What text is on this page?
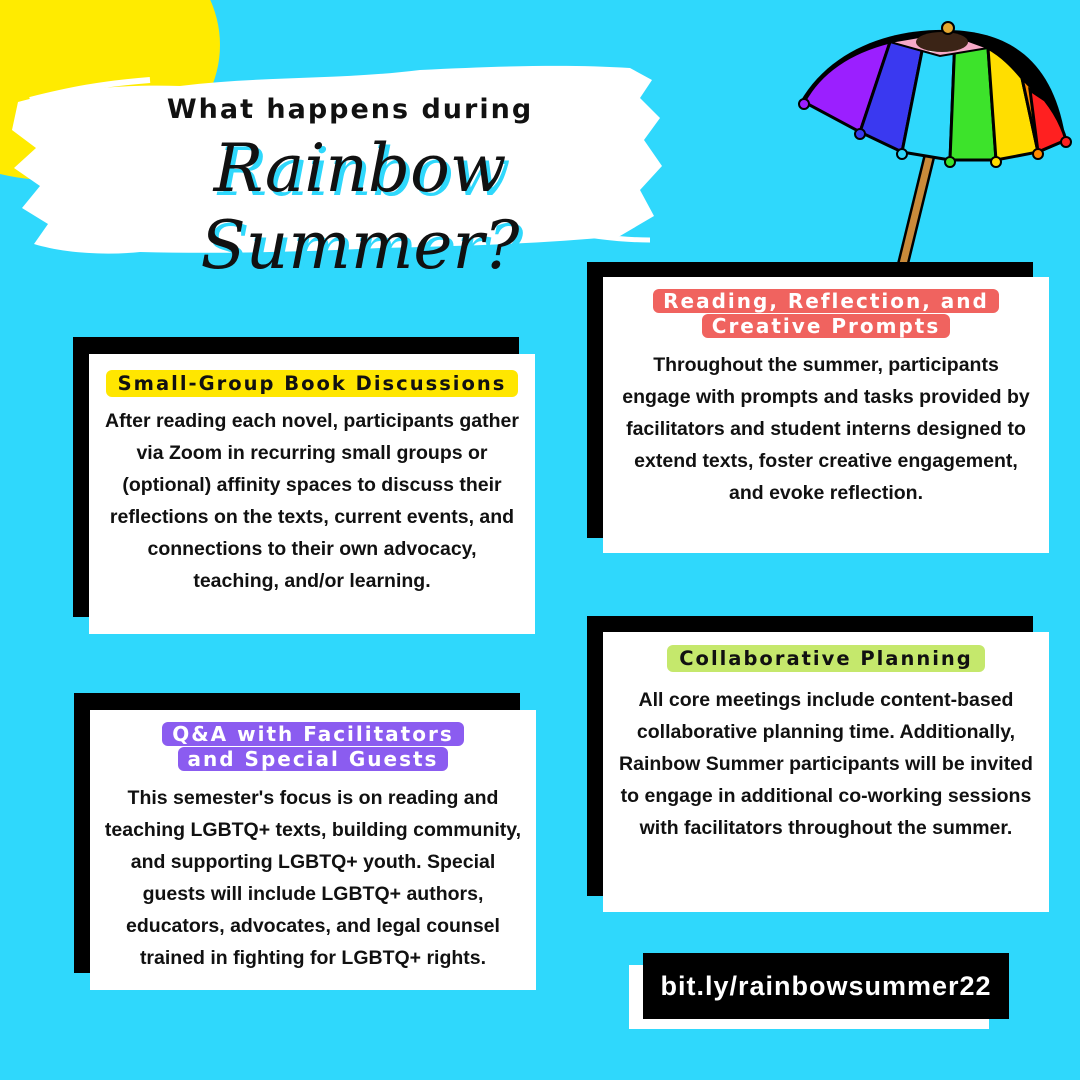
What happens during
Rainbow Summer?
Small-Group Book Discussions
After reading each novel, participants gather via Zoom in recurring small groups or (optional) affinity spaces to discuss their reflections on the texts, current events, and connections to their own advocacy, teaching, and/or learning.
Reading, Reflection, and
Creative Prompts
Throughout the summer, participants engage with prompts and tasks provided by facilitators and student interns designed to extend texts, foster creative engagement, and evoke reflection.
Q&A with Facilitators
and Special Guests
This semester's focus is on reading and teaching LGBTQ+ texts, building community, and supporting LGBTQ+ youth. Special guests will include LGBTQ+ authors, educators, advocates, and legal counsel trained in fighting for LGBTQ+ rights.
Collaborative Planning
All core meetings include content-based collaborative planning time. Additionally, Rainbow Summer participants will be invited to engage in additional co-working sessions with facilitators throughout the summer.
bit.ly/rainbowsummer22
